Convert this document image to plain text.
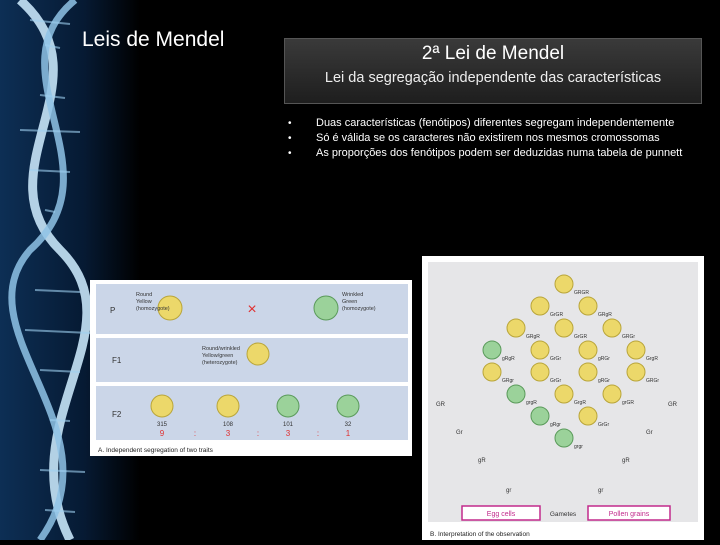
Leis de Mendel
2ª Lei de Mendel
Lei da segregação independente das características
• Duas características (fenótipos) diferentes segregam independentemente
• Só é válida se os caracteres não existirem nos mesmos cromossomas
• As proporções dos fenótipos podem ser deduzidas numa tabela de punnett
P
F1
F2
Round
Yellow
(homozygote)	×
Wrinkled
Green
(homozygote)
Round/wrinkled
Yellow/green
(heterozygote)
315	108	101	32
9	:	3	:	3	:	1
A. Independent segregation of two traits
GRGR
GrGR	GRgR
GRgR	GrGR	GRGr
gRgR	GrGr	gRGr	GrgR
GRgr	GrGr	gRGr	GRGr
grgR	GrgR	grGR
gRgr	GrGr
grgr
GR
Gr
gR
gr
GR
Gr
gR
gr
Egg cells	Gametes	Pollen grains
B. Interpretation of the observation
